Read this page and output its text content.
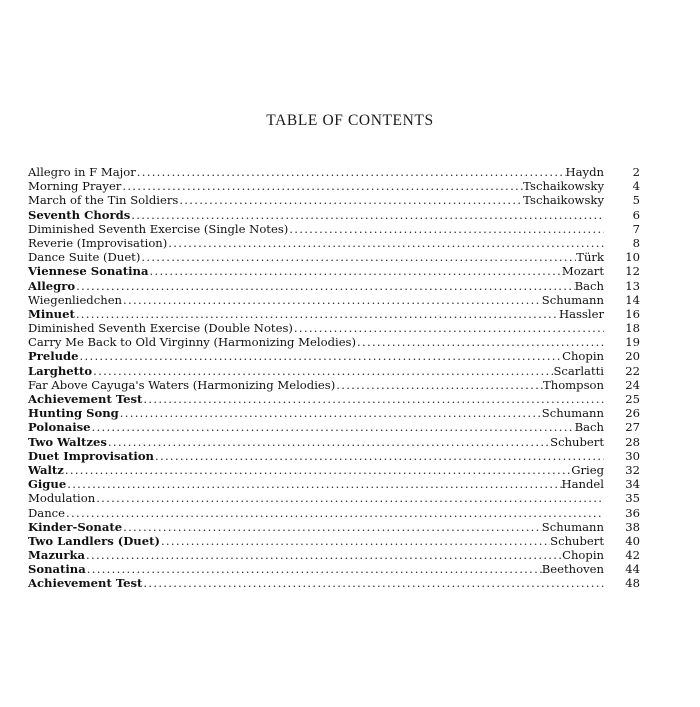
TABLE OF CONTENTS
Allegro in F Major . . .	Haydn	2
Morning Prayer . . .	Tschaikowsky	4
March of the Tin Soldiers . . .	Tschaikowsky	5
Seventh Chords . . .	6
Diminished Seventh Exercise (Single Notes) . . .	7
Reverie (Improvisation) . . .	8
Dance Suite (Duet) . . .	Türk	10
Viennese Sonatina . . .	Mozart	12
Allegro . . .	Bach	13
Wiegenliedchen . . .	Schumann	14
Minuet . . .	Hassler	16
Diminished Seventh Exercise (Double Notes) . . .	18
Carry Me Back to Old Virginny (Harmonizing Melodies) . . .	19
Prelude . . .	Chopin	20
Larghetto . . .	Scarlatti	22
Far Above Cayuga's Waters (Harmonizing Melodies) . . .	Thompson	24
Achievement Test . . .	25
Hunting Song . . .	Schumann	26
Polonaise . . .	Bach	27
Two Waltzes . . .	Schubert	28
Duet Improvisation . . .	30
Waltz . . .	Grieg	32
Gigue . . .	Handel	34
Modulation . . .	35
Dance . . .	36
Kinder-Sonate . . .	Schumann	38
Two Landlers (Duet) . . .	Schubert	40
Mazurka . . .	Chopin	42
Sonatina . . .	Beethoven	44
Achievement Test . . .	48
